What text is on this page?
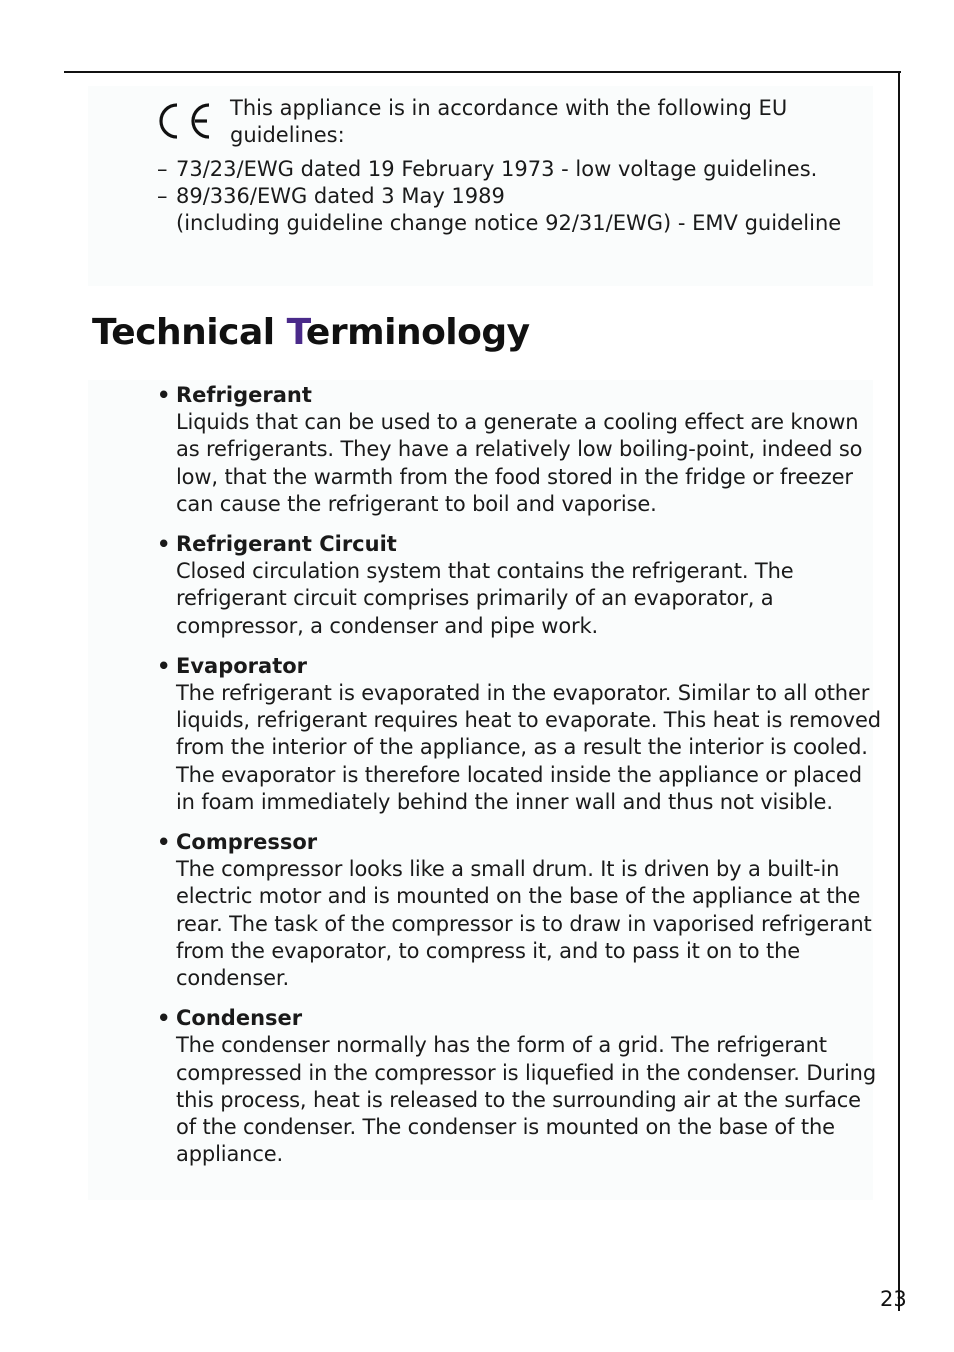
This appliance is in accordance with the following EU guidelines:
– 73/23/EWG dated 19 February 1973 - low voltage guidelines.
– 89/336/EWG dated 3 May 1989
(including guideline change notice 92/31/EWG) - EMV guideline
Technical Terminology
• Refrigerant
Liquids that can be used to a generate a cooling effect are known as refrigerants. They have a relatively low boiling-point, indeed so low, that the warmth from the food stored in the fridge or freezer can cause the refrigerant to boil and vaporise.
• Refrigerant Circuit
Closed circulation system that contains the refrigerant. The refrigerant circuit comprises primarily of an evaporator, a compressor, a condenser and pipe work.
• Evaporator
The refrigerant is evaporated in the evaporator. Similar to all other liquids, refrigerant requires heat to evaporate. This heat is removed from the interior of the appliance, as a result the interior is cooled. The evaporator is therefore located inside the appliance or placed in foam immediately behind the inner wall and thus not visible.
• Compressor
The compressor looks like a small drum. It is driven by a built-in electric motor and is mounted on the base of the appliance at the rear. The task of the compressor is to draw in vaporised refrigerant from the evaporator, to compress it, and to pass it on to the condenser.
• Condenser
The condenser normally has the form of a grid. The refrigerant compressed in the compressor is liquefied in the condenser. During this process, heat is released to the surrounding air at the surface of the condenser. The condenser is mounted on the base of the appliance.
23
